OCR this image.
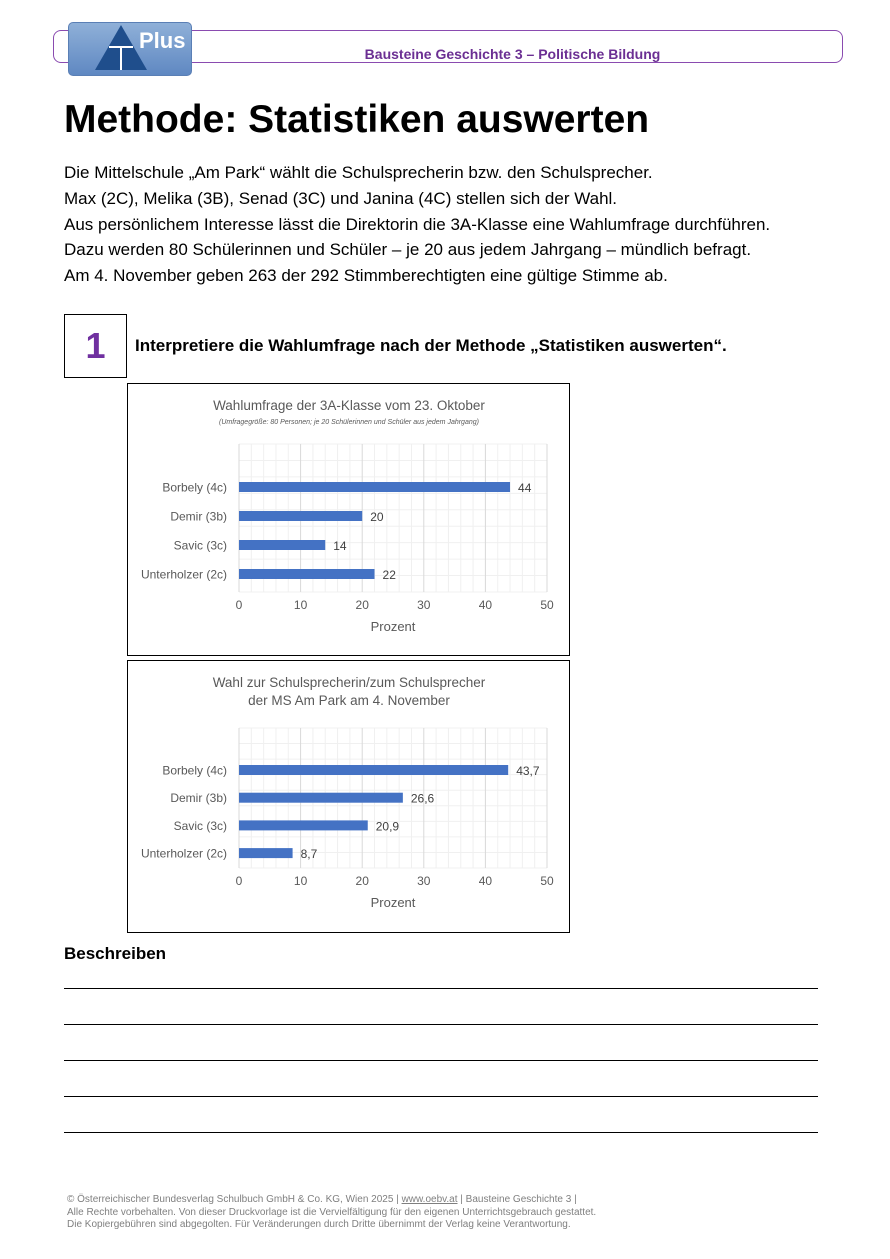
Plus
Bausteine Geschichte 3 – Politische Bildung
Methode: Statistiken auswerten
Die Mittelschule „Am Park“ wählt die Schulsprecherin bzw. den Schulsprecher.
Max (2C), Melika (3B), Senad (3C) und Janina (4C) stellen sich der Wahl.
Aus persönlichem Interesse lässt die Direktorin die 3A-Klasse eine Wahlumfrage durchführen.
Dazu werden 80 Schülerinnen und Schüler – je 20 aus jedem Jahrgang – mündlich befragt.
Am 4. November geben 263 der 292 Stimmberechtigten eine gültige Stimme ab.
1	Interpretiere die Wahlumfrage nach der Methode „Statistiken auswerten“.
Wahlumfrage der 3A-Klasse vom 23. Oktober
(Umfragegröße: 80 Personen; je 20 Schülerinnen und Schüler aus jedem Jahrgang)
0	10	20	30	40	50
Prozent
Borbely (4c)	44
Demir (3b)	20
Savic (3c)	14
Unterholzer (2c)	22
Wahl zur Schulsprecherin/zum Schulsprecher
der MS Am Park am 4. November
0	10	20	30	40	50
Prozent
Borbely (4c)	43,7
Demir (3b)	26,6
Savic (3c)	20,9
Unterholzer (2c)	8,7
Beschreiben
© Österreichischer Bundesverlag Schulbuch GmbH & Co. KG, Wien 2025 | www.oebv.at | Bausteine Geschichte 3 |
Alle Rechte vorbehalten. Von dieser Druckvorlage ist die Vervielfältigung für den eigenen Unterrichtsgebrauch gestattet.
Die Kopiergebühren sind abgegolten. Für Veränderungen durch Dritte übernimmt der Verlag keine Verantwortung.
